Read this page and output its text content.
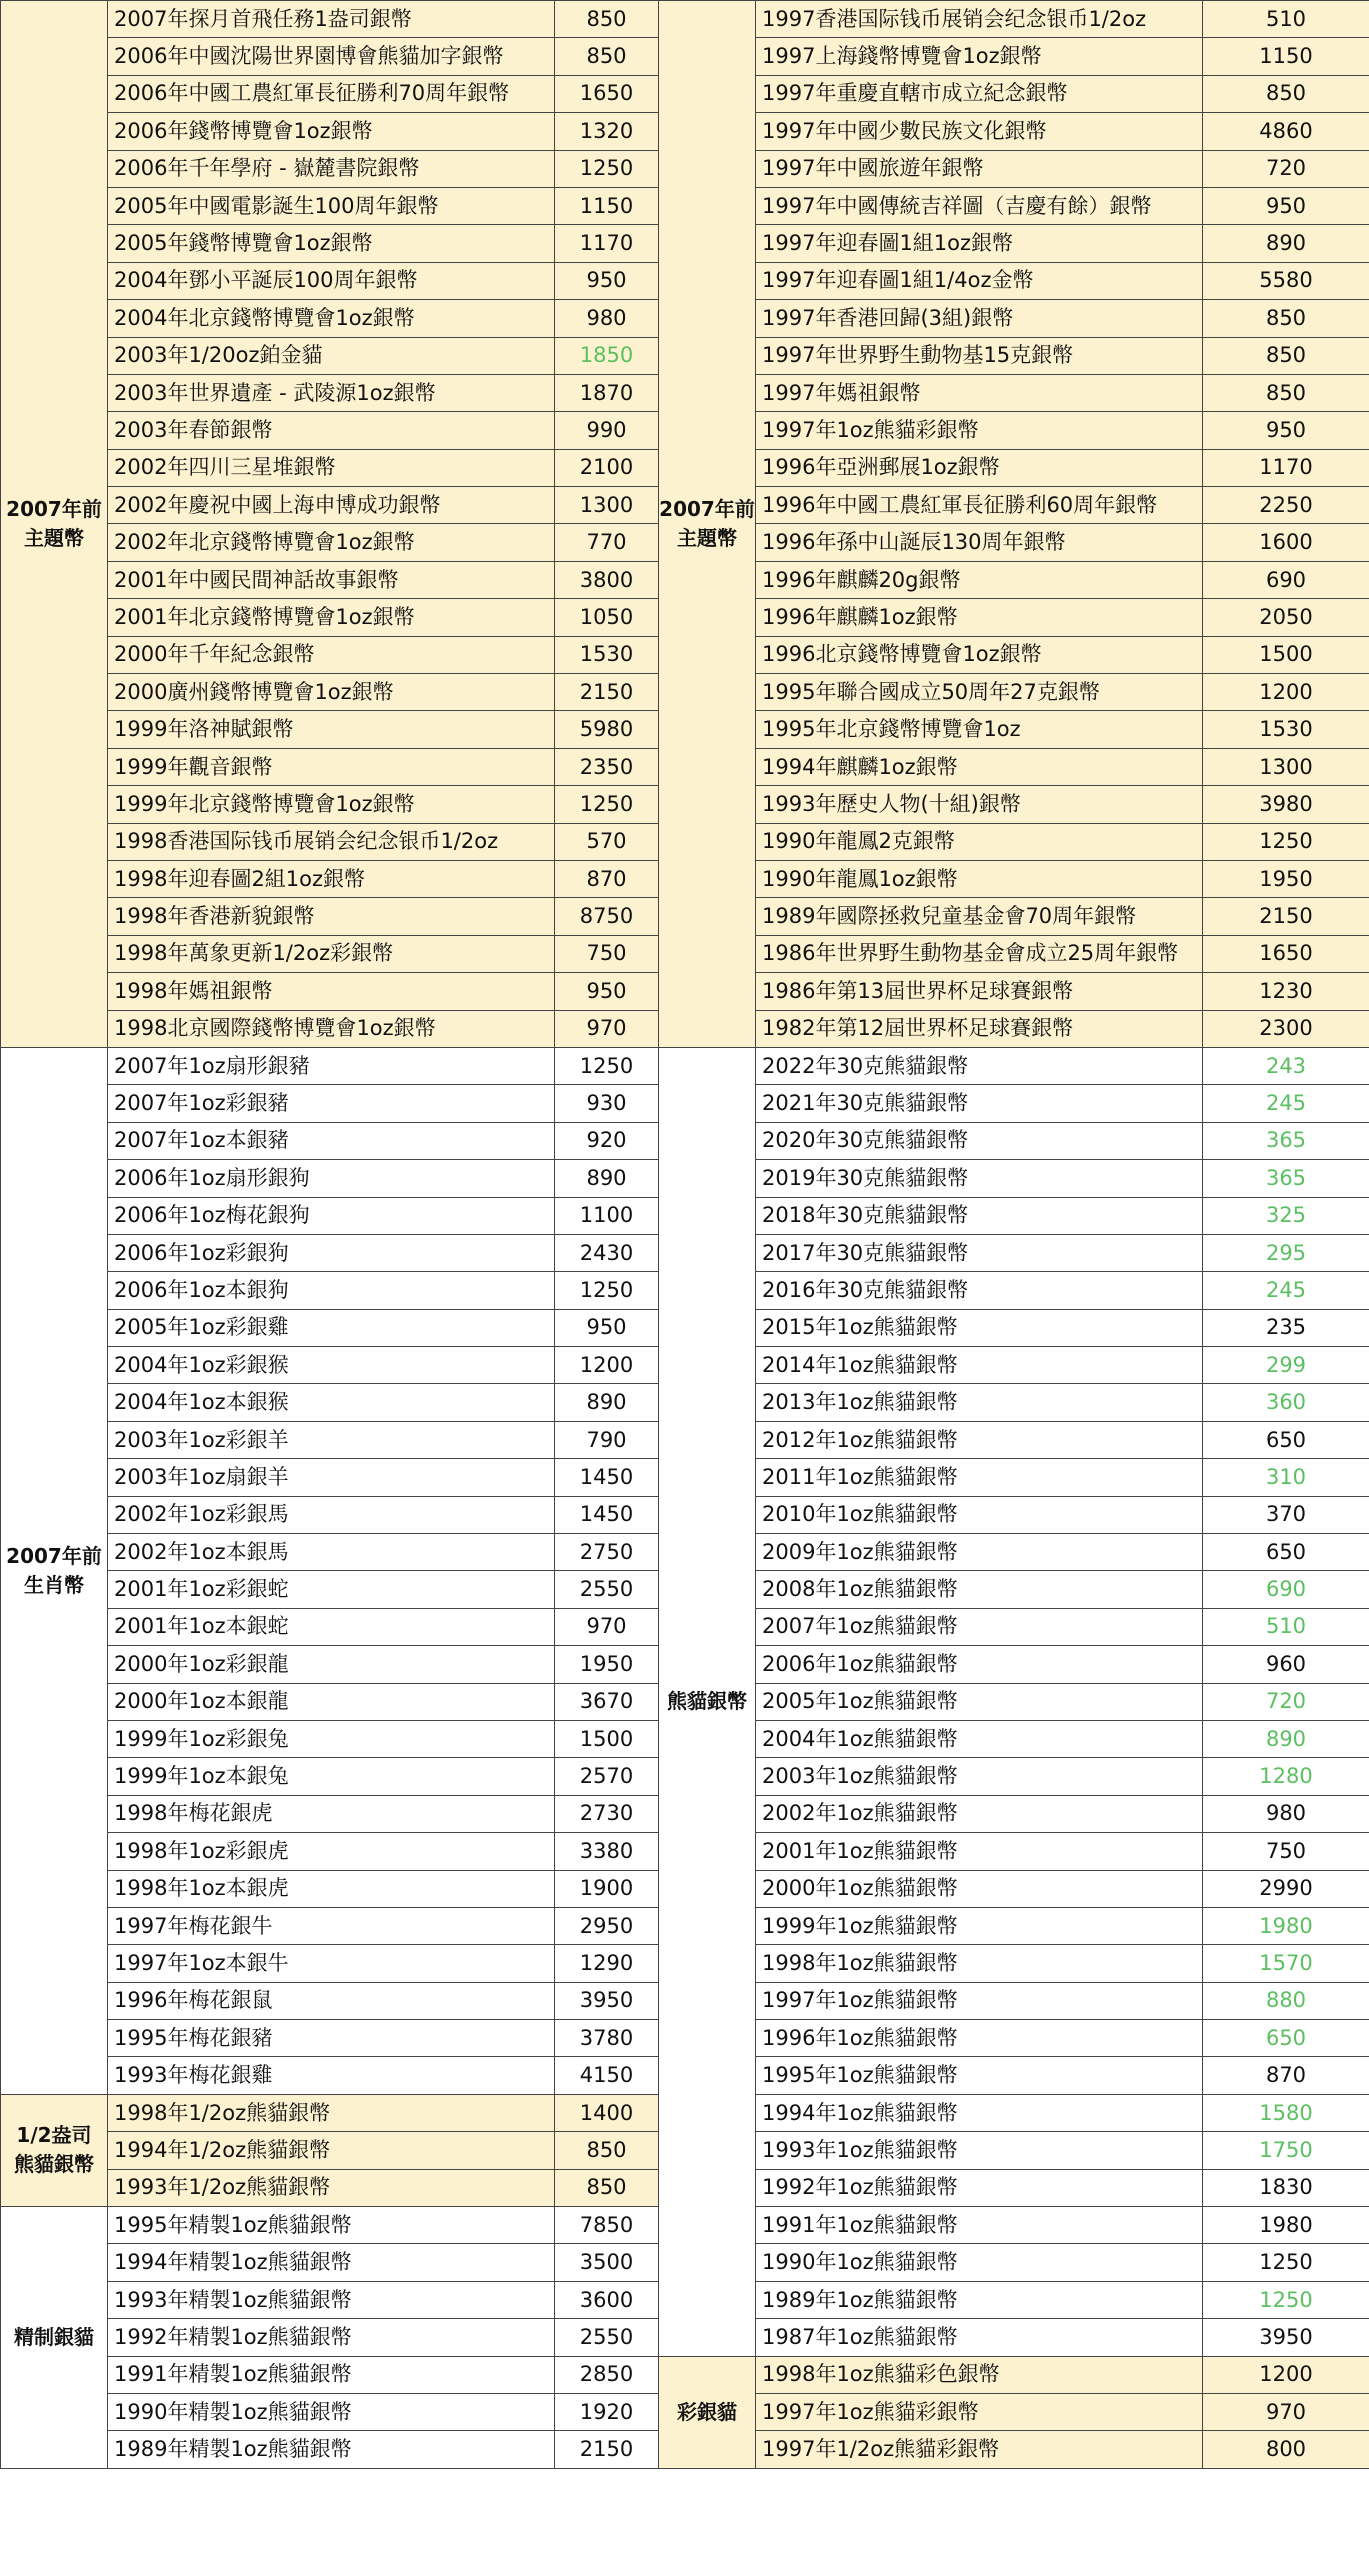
2007年前
主題幣	2007年探月首飛任務1盎司銀幣	850
	2006年中國沈陽世界園博會熊貓加字銀幣	850
	2006年中國工農紅軍長征勝利70周年銀幣	1650
	2006年錢幣博覽會1oz銀幣	1320
	2006年千年學府 - 嶽麓書院銀幣	1250
	2005年中國電影誕生100周年銀幣	1150
	2005年錢幣博覽會1oz銀幣	1170
	2004年鄧小平誕辰100周年銀幣	950
	2004年北京錢幣博覽會1oz銀幣	980
	2003年1/20oz鉑金貓	1850
	2003年世界遺產 - 武陵源1oz銀幣	1870
	2003年春節銀幣	990
	2002年四川三星堆銀幣	2100
	2002年慶祝中國上海申博成功銀幣	1300
	2002年北京錢幣博覽會1oz銀幣	770
	2001年中國民間神話故事銀幣	3800
	2001年北京錢幣博覽會1oz銀幣	1050
	2000年千年紀念銀幣	1530
	2000廣州錢幣博覽會1oz銀幣	2150
	1999年洛神賦銀幣	5980
	1999年觀音銀幣	2350
	1999年北京錢幣博覽會1oz銀幣	1250
	1998香港国际钱币展销会纪念银币1/2oz	570
	1998年迎春圖2組1oz銀幣	870
	1998年香港新貌銀幣	8750
	1998年萬象更新1/2oz彩銀幣	750
	1998年媽祖銀幣	950
	1998北京國際錢幣博覽會1oz銀幣	970
2007年前
生肖幣	2007年1oz扇形銀豬	1250
	2007年1oz彩銀豬	930
	2007年1oz本銀豬	920
	2006年1oz扇形銀狗	890
	2006年1oz梅花銀狗	1100
	2006年1oz彩銀狗	2430
	2006年1oz本銀狗	1250
	2005年1oz彩銀雞	950
	2004年1oz彩銀猴	1200
	2004年1oz本銀猴	890
	2003年1oz彩銀羊	790
	2003年1oz扇銀羊	1450
	2002年1oz彩銀馬	1450
	2002年1oz本銀馬	2750
	2001年1oz彩銀蛇	2550
	2001年1oz本銀蛇	970
	2000年1oz彩銀龍	1950
	2000年1oz本銀龍	3670
	1999年1oz彩銀兔	1500
	1999年1oz本銀兔	2570
	1998年梅花銀虎	2730
	1998年1oz彩銀虎	3380
	1998年1oz本銀虎	1900
	1997年梅花銀牛	2950
	1997年1oz本銀牛	1290
	1996年梅花銀鼠	3950
	1995年梅花銀豬	3780
	1993年梅花銀雞	4150
1/2盎司
熊貓銀幣	1998年1/2oz熊貓銀幣	1400
	1994年1/2oz熊貓銀幣	850
	1993年1/2oz熊貓銀幣	850
精制銀貓	1995年精製1oz熊貓銀幣	7850
	1994年精製1oz熊貓銀幣	3500
	1993年精製1oz熊貓銀幣	3600
	1992年精製1oz熊貓銀幣	2550
	1991年精製1oz熊貓銀幣	2850
	1990年精製1oz熊貓銀幣	1920
	1989年精製1oz熊貓銀幣	2150
2007年前
主題幣	1997香港国际钱币展销会纪念银币1/2oz	510
	1997上海錢幣博覽會1oz銀幣	1150
	1997年重慶直轄市成立紀念銀幣	850
	1997年中國少數民族文化銀幣	4860
	1997年中國旅遊年銀幣	720
	1997年中國傳統吉祥圖（吉慶有餘）銀幣	950
	1997年迎春圖1組1oz銀幣	890
	1997年迎春圖1組1/4oz金幣	5580
	1997年香港回歸(3組)銀幣	850
	1997年世界野生動物基15克銀幣	850
	1997年媽祖銀幣	850
	1997年1oz熊貓彩銀幣	950
	1996年亞洲郵展1oz銀幣	1170
	1996年中國工農紅軍長征勝利60周年銀幣	2250
	1996年孫中山誕辰130周年銀幣	1600
	1996年麒麟20g銀幣	690
	1996年麒麟1oz銀幣	2050
	1996北京錢幣博覽會1oz銀幣	1500
	1995年聯合國成立50周年27克銀幣	1200
	1995年北京錢幣博覽會1oz	1530
	1994年麒麟1oz銀幣	1300
	1993年歷史人物(十組)銀幣	3980
	1990年龍鳳2克銀幣	1250
	1990年龍鳳1oz銀幣	1950
	1989年國際拯救兒童基金會70周年銀幣	2150
	1986年世界野生動物基金會成立25周年銀幣	1650
	1986年第13屆世界杯足球賽銀幣	1230
	1982年第12屆世界杯足球賽銀幣	2300
熊貓銀幣	2022年30克熊貓銀幣	243
	2021年30克熊貓銀幣	245
	2020年30克熊貓銀幣	365
	2019年30克熊貓銀幣	365
	2018年30克熊貓銀幣	325
	2017年30克熊貓銀幣	295
	2016年30克熊貓銀幣	245
	2015年1oz熊貓銀幣	235
	2014年1oz熊貓銀幣	299
	2013年1oz熊貓銀幣	360
	2012年1oz熊貓銀幣	650
	2011年1oz熊貓銀幣	310
	2010年1oz熊貓銀幣	370
	2009年1oz熊貓銀幣	650
	2008年1oz熊貓銀幣	690
	2007年1oz熊貓銀幣	510
	2006年1oz熊貓銀幣	960
	2005年1oz熊貓銀幣	720
	2004年1oz熊貓銀幣	890
	2003年1oz熊貓銀幣	1280
	2002年1oz熊貓銀幣	980
	2001年1oz熊貓銀幣	750
	2000年1oz熊貓銀幣	2990
	1999年1oz熊貓銀幣	1980
	1998年1oz熊貓銀幣	1570
	1997年1oz熊貓銀幣	880
	1996年1oz熊貓銀幣	650
	1995年1oz熊貓銀幣	870
	1994年1oz熊貓銀幣	1580
	1993年1oz熊貓銀幣	1750
	1992年1oz熊貓銀幣	1830
	1991年1oz熊貓銀幣	1980
	1990年1oz熊貓銀幣	1250
	1989年1oz熊貓銀幣	1250
	1987年1oz熊貓銀幣	3950
彩銀貓	1998年1oz熊貓彩色銀幣	1200
	1997年1oz熊貓彩銀幣	970
	1997年1/2oz熊貓彩銀幣	800
